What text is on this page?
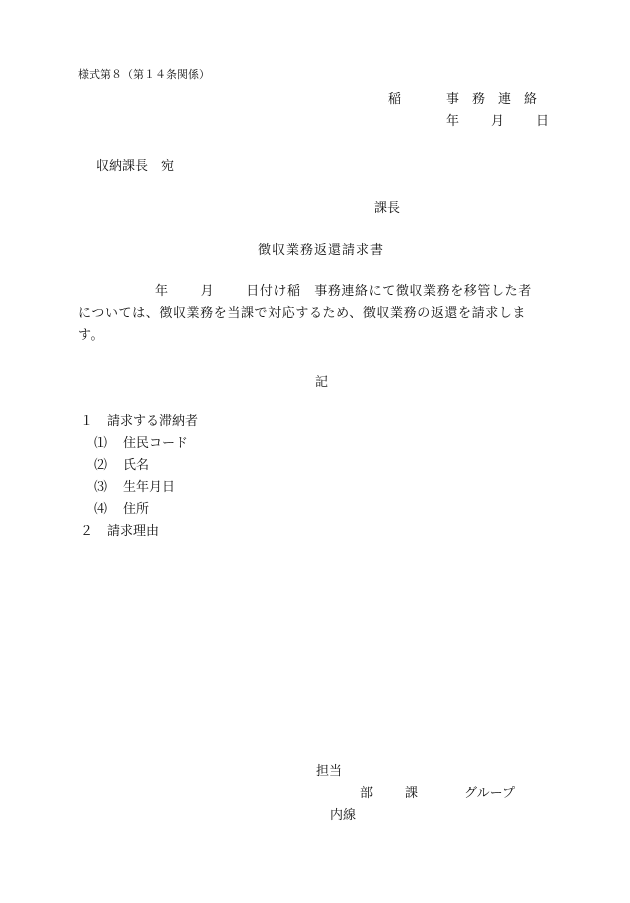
様式第８（第１４条関係）
稲	事　務　連　絡
年 月 日
収納課長　宛
課長
徴収業務返還請求書
年 月 日付け稲　事務連絡にて徴収業務を移管した者
については、徴収業務を当課で対応するため、徴収業務の返還を請求しま
す。
記
１ 請求する滞納者
⑴ 住民コード
⑵ 氏名
⑶ 生年月日
⑷ 住所
２ 請求理由
担当
部 課	グループ
内線
